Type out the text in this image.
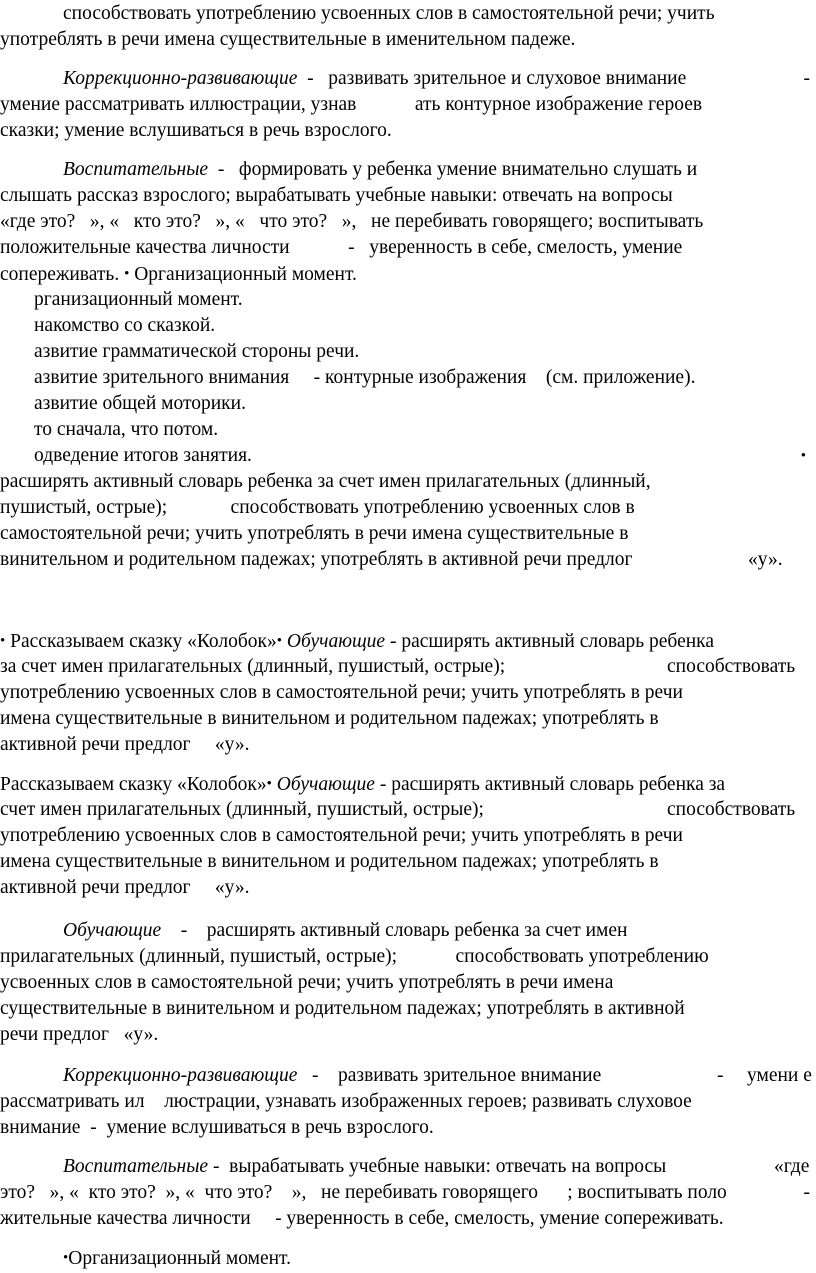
способствовать употреблению усвоенных слов в самостоятельной речи; учить
употреблять в речи имена существительные в именительном падеже.
Коррекционно-развивающие  -   развивать зрительное и слуховое внимание	-
умение рассматривать иллюстрации, узнав            ать контурное изображение героев
сказки; умение вслушиваться в речь взрослого.
Воспитательные  -   формировать у ребенка умение внимательно слушать и
слышать рассказ взрослого; вырабатывать учебные навыки: отвечать на вопросы
«где это?   », «   кто это?   », «   что это?   »,   не перебивать говорящего; воспитывать
положительные качества личности            -   уверенность в себе, смелость, умение
сопереживать. • Организационный момент.
рганизационный момент.
накомство со сказкой.
азвитие грамматической стороны речи.
азвитие зрительного внимания     - контурные изображения    (см. приложение).
азвитие общей моторики.
то сначала, что потом.
одведение итогов занятия.	•
расширять активный словарь ребенка за счет имен прилагательных (длинный,
пушистый, острые);             способствовать употреблению усвоенных слов в
самостоятельной речи; учить употреблять в речи имена существительные в
винительном и родительном падежах; употреблять в активной речи предлог	«у».
• Рассказываем сказку «Колобок»• Обучающие - расширять активный словарь ребенка
за счет имен прилагательных (длинный, пушистый, острые);	способствовать
употреблению усвоенных слов в самостоятельной речи; учить употреблять в речи
имена существительные в винительном и родительном падежах; употреблять в
активной речи предлог     «у».
Рассказываем сказку «Колобок»• Обучающие - расширять активный словарь ребенка за
счет имен прилагательных (длинный, пушистый, острые);	способствовать
употреблению усвоенных слов в самостоятельной речи; учить употреблять в речи
имена существительные в винительном и родительном падежах; употреблять в
активной речи предлог     «у».
Обучающие    -    расширять активный словарь ребенка за счет имен
прилагательных (длинный, пушистый, острые);            способствовать употреблению
усвоенных слов в самостоятельной речи; учить употреблять в речи имена
существительные в винительном и родительном падежах; употреблять в активной
речи предлог   «у».
Коррекционно-развивающие   -    развивать зрительное внимание	- умени е
рассматривать ил    люстрации, узнавать изображенных героев; развивать слуховое
внимание  -  умение вслушиваться в речь взрослого.
Воспитательные -  вырабатывать учебные навыки: отвечать на вопросы	«где
это?   », «  кто это?  », «  что это?    »,   не перебивать говорящего      ; воспитывать поло	-
жительные качества личности     - уверенность в себе, смелость, умение сопереживать.
•Организационный момент.
